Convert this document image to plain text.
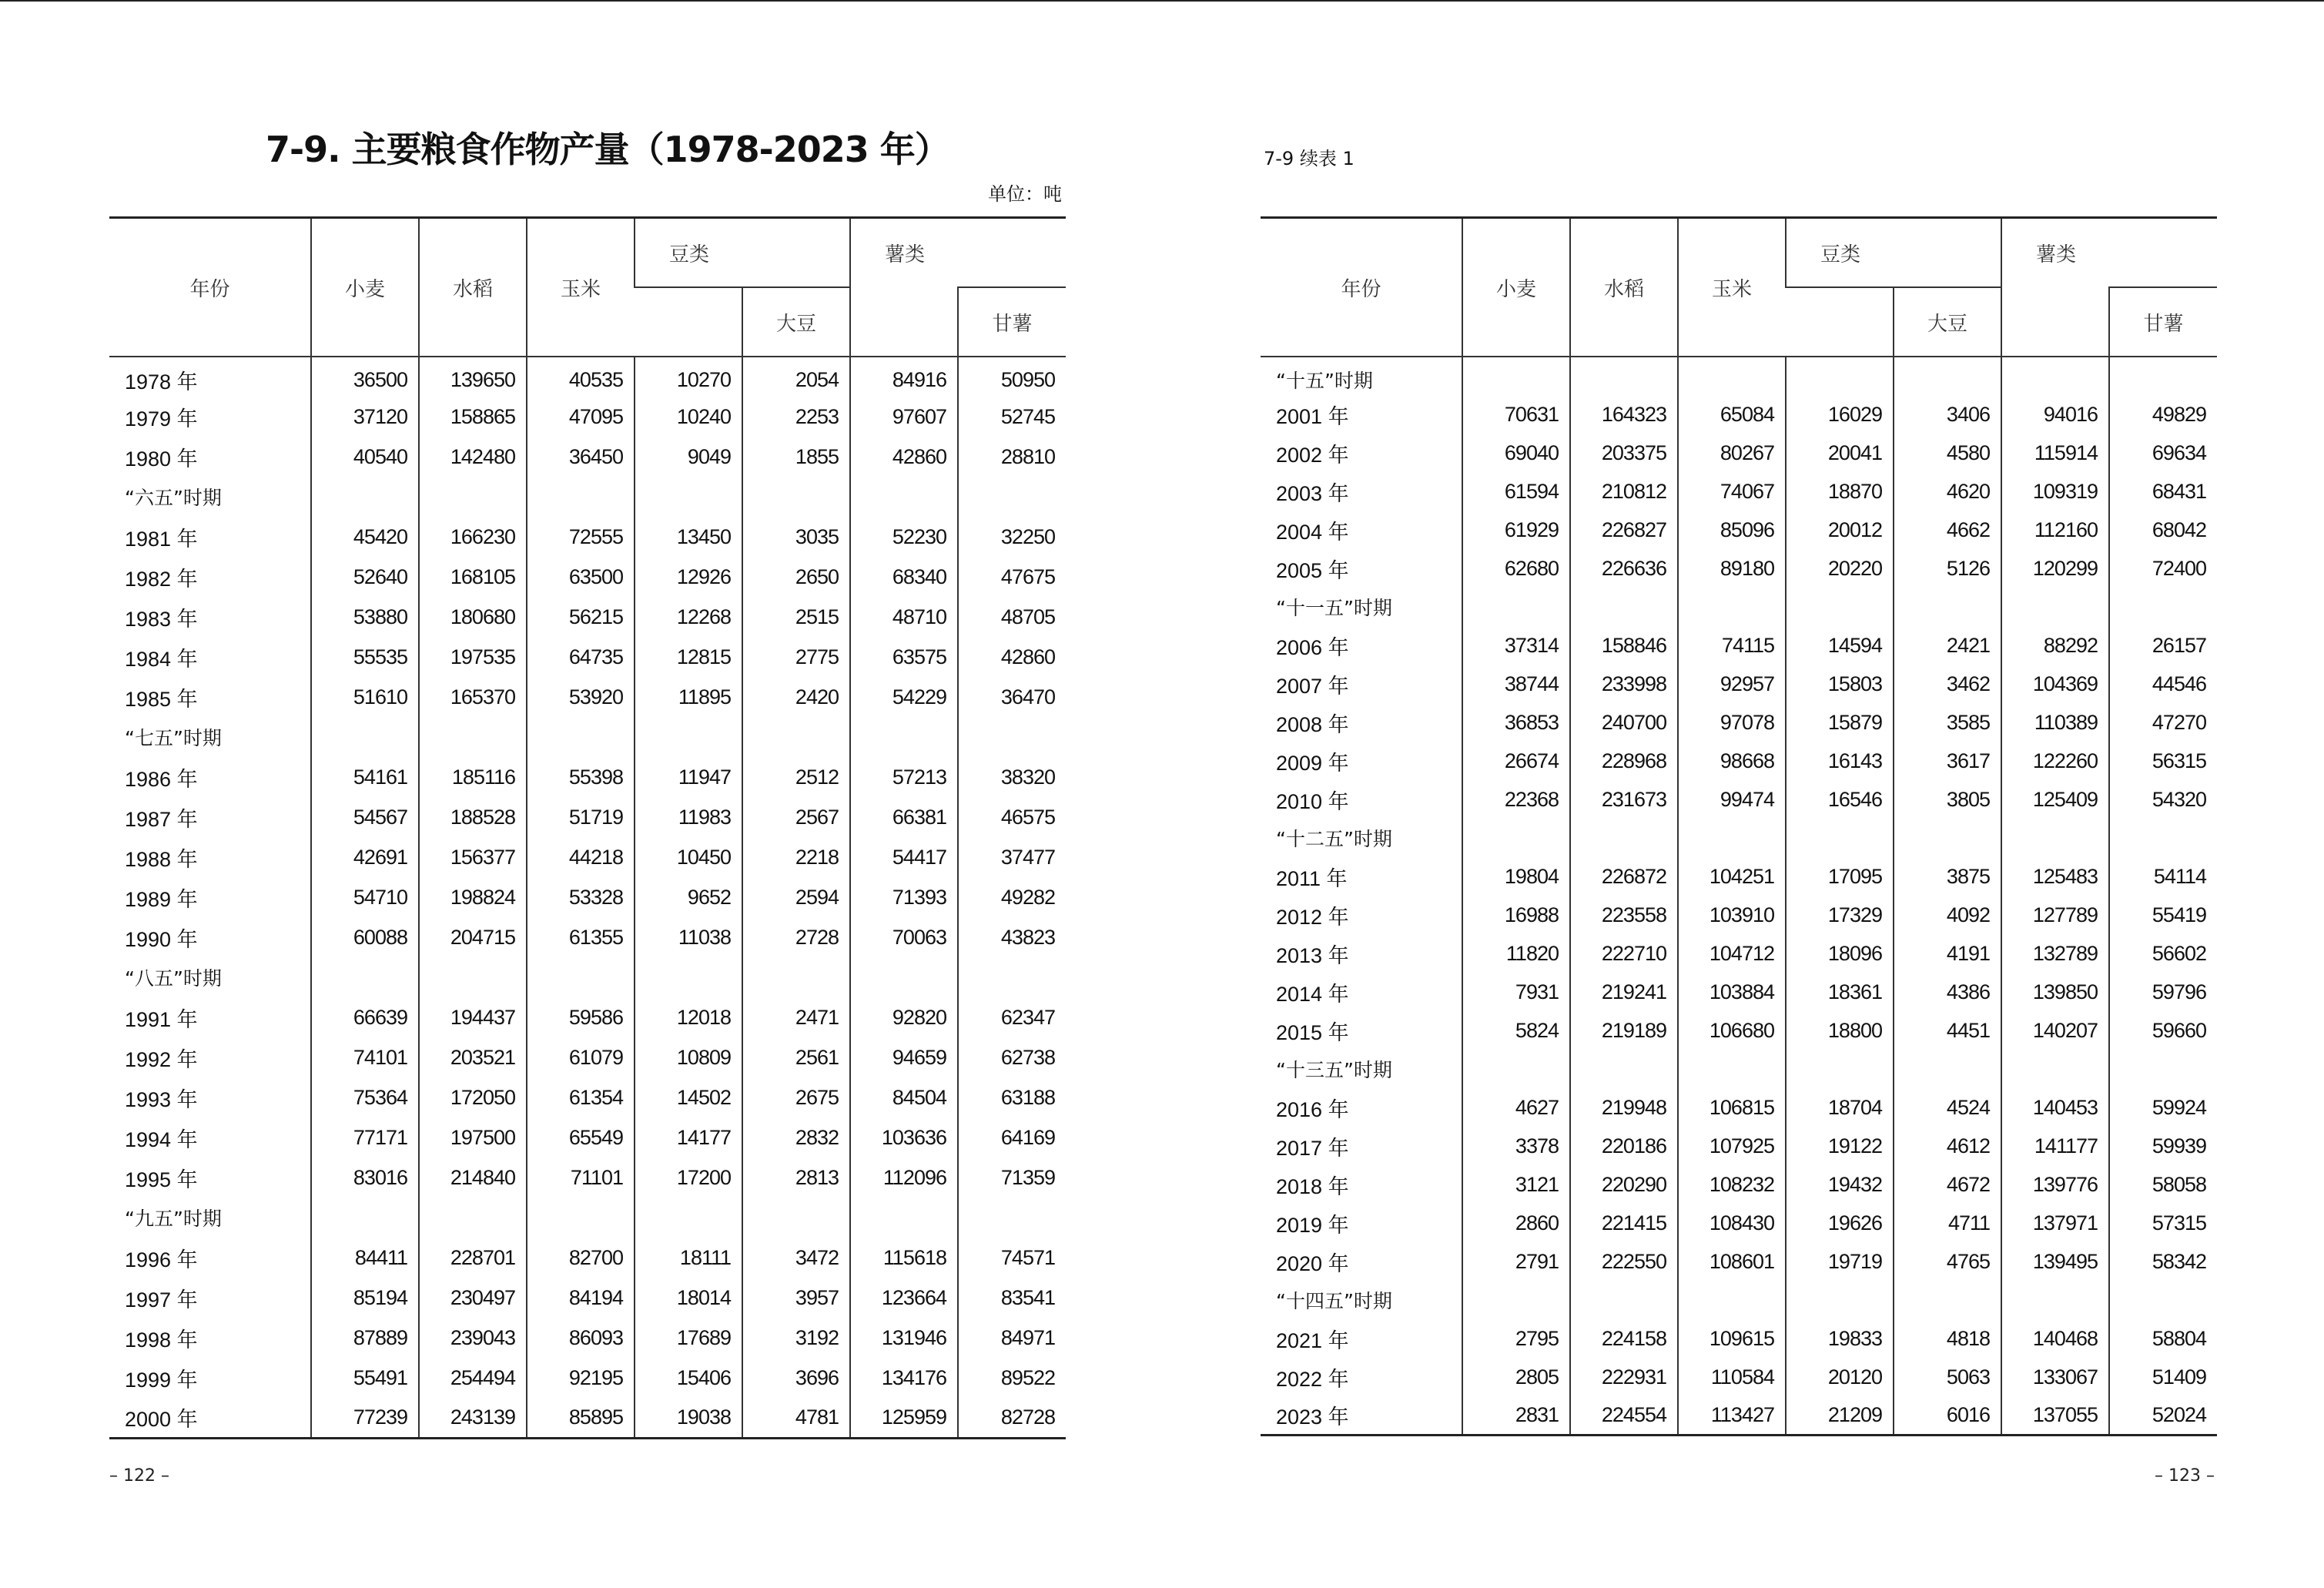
7-9. 主要粮食作物产量（1978-2023 年）
单位：吨
年份	小麦	水稻	玉米	豆类		薯类	
					大豆		甘薯
1978 年	36500	139650	40535	10270	2054	84916	50950
1979 年	37120	158865	47095	10240	2253	97607	52745
1980 年	40540	142480	36450	9049	1855	42860	28810
“六五”时期							
1981 年	45420	166230	72555	13450	3035	52230	32250
1982 年	52640	168105	63500	12926	2650	68340	47675
1983 年	53880	180680	56215	12268	2515	48710	48705
1984 年	55535	197535	64735	12815	2775	63575	42860
1985 年	51610	165370	53920	11895	2420	54229	36470
“七五”时期							
1986 年	54161	185116	55398	11947	2512	57213	38320
1987 年	54567	188528	51719	11983	2567	66381	46575
1988 年	42691	156377	44218	10450	2218	54417	37477
1989 年	54710	198824	53328	9652	2594	71393	49282
1990 年	60088	204715	61355	11038	2728	70063	43823
“八五”时期							
1991 年	66639	194437	59586	12018	2471	92820	62347
1992 年	74101	203521	61079	10809	2561	94659	62738
1993 年	75364	172050	61354	14502	2675	84504	63188
1994 年	77171	197500	65549	14177	2832	103636	64169
1995 年	83016	214840	71101	17200	2813	112096	71359
“九五”时期							
1996 年	84411	228701	82700	18111	3472	115618	74571
1997 年	85194	230497	84194	18014	3957	123664	83541
1998 年	87889	239043	86093	17689	3192	131946	84971
1999 年	55491	254494	92195	15406	3696	134176	89522
2000 年	77239	243139	85895	19038	4781	125959	82728
– 122 –
7-9 续表 1
年份	小麦	水稻	玉米	豆类		薯类	
					大豆		甘薯
“十五”时期							
2001 年	70631	164323	65084	16029	3406	94016	49829
2002 年	69040	203375	80267	20041	4580	115914	69634
2003 年	61594	210812	74067	18870	4620	109319	68431
2004 年	61929	226827	85096	20012	4662	112160	68042
2005 年	62680	226636	89180	20220	5126	120299	72400
“十一五”时期							
2006 年	37314	158846	74115	14594	2421	88292	26157
2007 年	38744	233998	92957	15803	3462	104369	44546
2008 年	36853	240700	97078	15879	3585	110389	47270
2009 年	26674	228968	98668	16143	3617	122260	56315
2010 年	22368	231673	99474	16546	3805	125409	54320
“十二五”时期							
2011 年	19804	226872	104251	17095	3875	125483	54114
2012 年	16988	223558	103910	17329	4092	127789	55419
2013 年	11820	222710	104712	18096	4191	132789	56602
2014 年	7931	219241	103884	18361	4386	139850	59796
2015 年	5824	219189	106680	18800	4451	140207	59660
“十三五”时期							
2016 年	4627	219948	106815	18704	4524	140453	59924
2017 年	3378	220186	107925	19122	4612	141177	59939
2018 年	3121	220290	108232	19432	4672	139776	58058
2019 年	2860	221415	108430	19626	4711	137971	57315
2020 年	2791	222550	108601	19719	4765	139495	58342
“十四五”时期							
2021 年	2795	224158	109615	19833	4818	140468	58804
2022 年	2805	222931	110584	20120	5063	133067	51409
2023 年	2831	224554	113427	21209	6016	137055	52024
– 123 –
